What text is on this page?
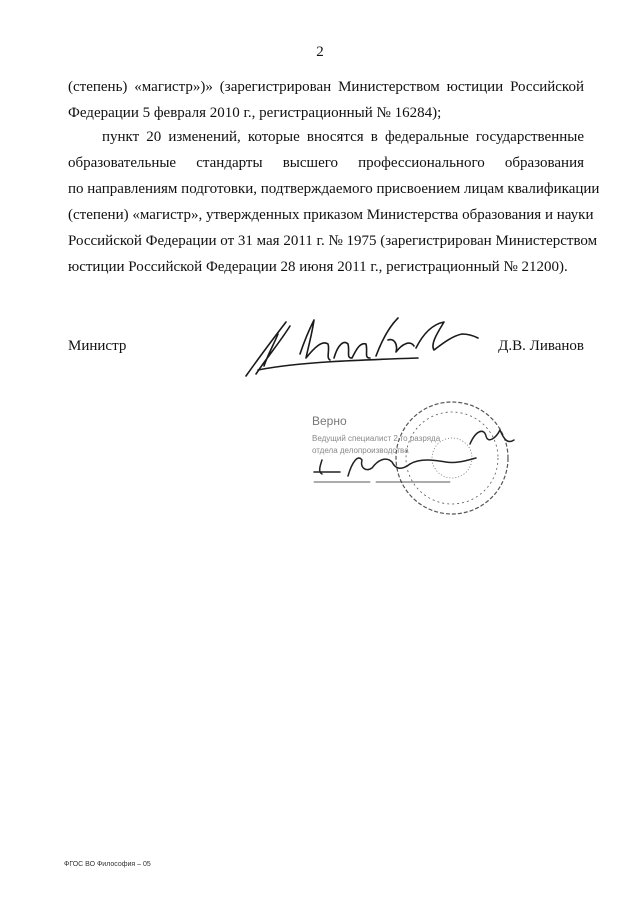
2
(степень) «магистр»)» (зарегистрирован Министерством юстиции Российской
Федерации 5 февраля 2010 г., регистрационный № 16284);
пункт 20 изменений, которые вносятся в федеральные государственные
образовательные стандарты высшего профессионального образования
по направлениям подготовки, подтверждаемого присвоением лицам квалификации
(степени) «магистр», утвержденных приказом Министерства образования и науки
Российской Федерации от 31 мая 2011 г. № 1975 (зарегистрирован Министерством
юстиции Российской Федерации 28 июня 2011 г., регистрационный № 21200).
Министр	Д.В. Ливанов
Верно
Ведущий специалист 2-го разряда
отдела делопроизводства
ФГОС ВО Философия – 05
